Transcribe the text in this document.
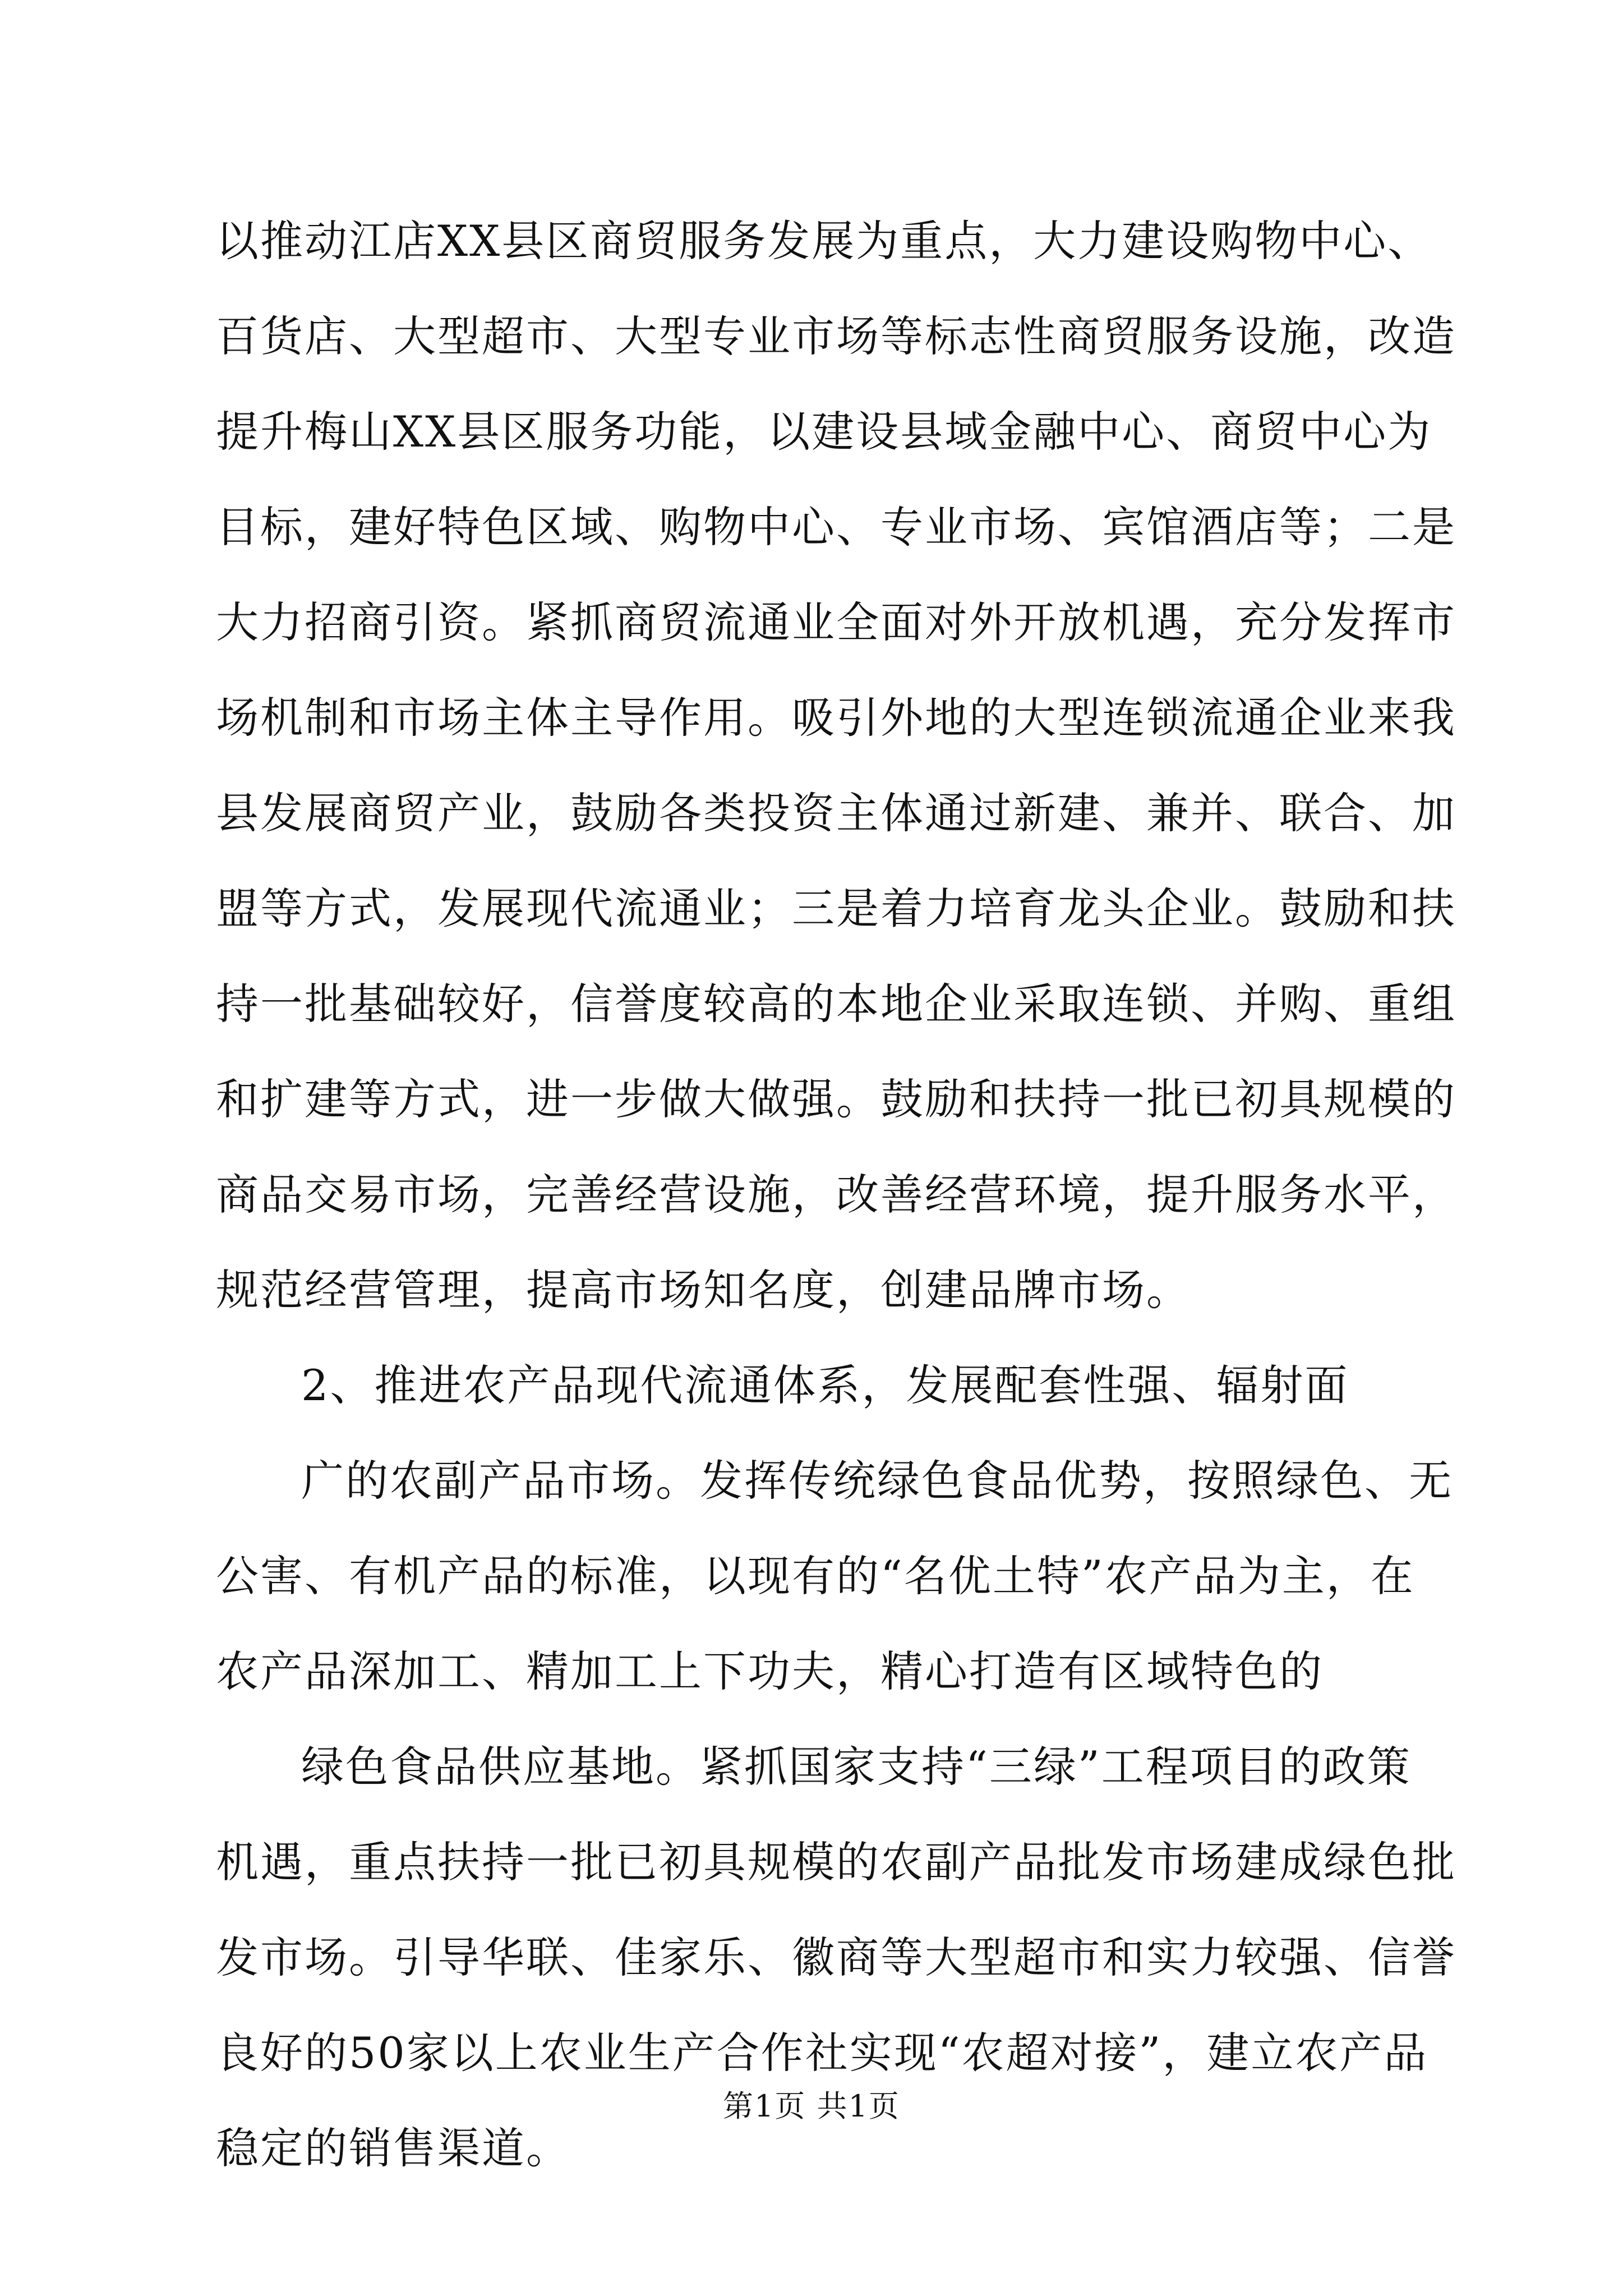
以推动江店XX县区商贸服务发展为重点，大力建设购物中心、
百货店、大型超市、大型专业市场等标志性商贸服务设施，改造
提升梅山XX县区服务功能，以建设县域金融中心、商贸中心为
目标，建好特色区域、购物中心、专业市场、宾馆酒店等；二是
大力招商引资。紧抓商贸流通业全面对外开放机遇，充分发挥市
场机制和市场主体主导作用。吸引外地的大型连锁流通企业来我
县发展商贸产业，鼓励各类投资主体通过新建、兼并、联合、加
盟等方式，发展现代流通业；三是着力培育龙头企业。鼓励和扶
持一批基础较好，信誉度较高的本地企业采取连锁、并购、重组
和扩建等方式，进一步做大做强。鼓励和扶持一批已初具规模的
商品交易市场，完善经营设施，改善经营环境，提升服务水平，
规范经营管理，提高市场知名度，创建品牌市场。
2、推进农产品现代流通体系，发展配套性强、辐射面
广的农副产品市场。发挥传统绿色食品优势，按照绿色、无
公害、有机产品的标准，以现有的“名优土特”农产品为主，在
农产品深加工、精加工上下功夫，精心打造有区域特色的
绿色食品供应基地。紧抓国家支持“三绿”工程项目的政策
机遇，重点扶持一批已初具规模的农副产品批发市场建成绿色批
发市场。引导华联、佳家乐、徽商等大型超市和实力较强、信誉
良好的50家以上农业生产合作社实现“农超对接”，建立农产品
稳定的销售渠道。
第1页 共1页
